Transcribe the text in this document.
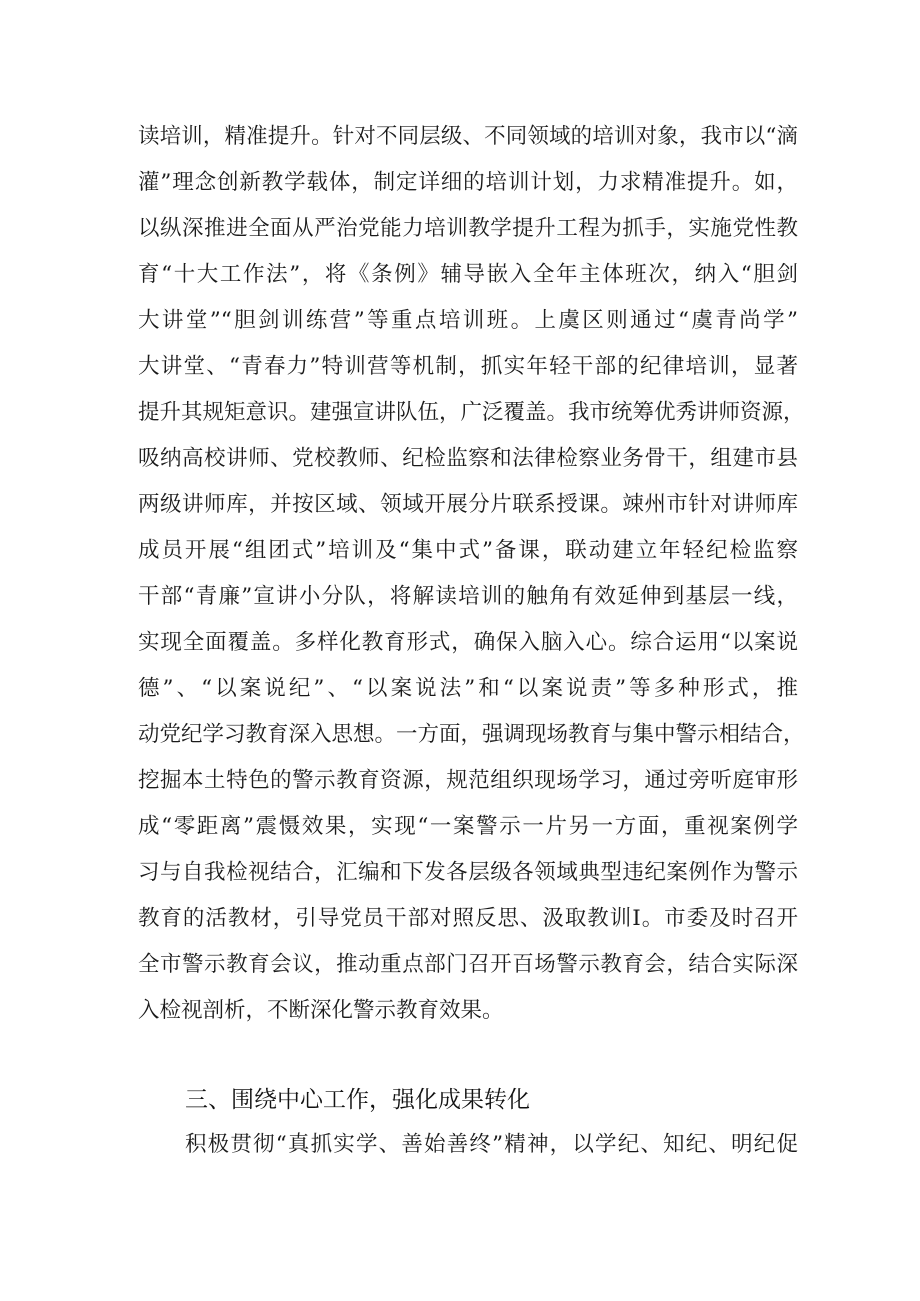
读培训，精准提升。针对不同层级、不同领域的培训对象，我市以“滴
灌”理念创新教学载体，制定详细的培训计划，力求精准提升。如，
以纵深推进全面从严治党能力培训教学提升工程为抓手，实施党性教
育“十大工作法”，将《条例》辅导嵌入全年主体班次，纳入“胆剑
大讲堂”“胆剑训练营”等重点培训班。上虞区则通过“虞青尚学”
大讲堂、“青春力”特训营等机制，抓实年轻干部的纪律培训，显著
提升其规矩意识。建强宣讲队伍，广泛覆盖。我市统筹优秀讲师资源，
吸纳高校讲师、党校教师、纪检监察和法律检察业务骨干，组建市县
两级讲师库，并按区域、领域开展分片联系授课。竦州市针对讲师库
成员开展“组团式”培训及“集中式”备课，联动建立年轻纪检监察
干部“青廉”宣讲小分队，将解读培训的触角有效延伸到基层一线，
实现全面覆盖。多样化教育形式，确保入脑入心。综合运用“以案说
德”、“以案说纪”、“以案说法”和“以案说责”等多种形式，推
动党纪学习教育深入思想。一方面，强调现场教育与集中警示相结合，
挖掘本土特色的警示教育资源，规范组织现场学习，通过旁听庭审形
成“零距离”震慑效果，实现“一案警示一片另一方面，重视案例学
习与自我检视结合，汇编和下发各层级各领域典型违纪案例作为警示
教育的活教材，引导党员干部对照反思、汲取教训I。市委及时召开
全市警示教育会议，推动重点部门召开百场警示教育会，结合实际深
入检视剖析，不断深化警示教育效果。
三、围绕中心工作，强化成果转化
积极贯彻“真抓实学、善始善终”精神，以学纪、知纪、明纪促
